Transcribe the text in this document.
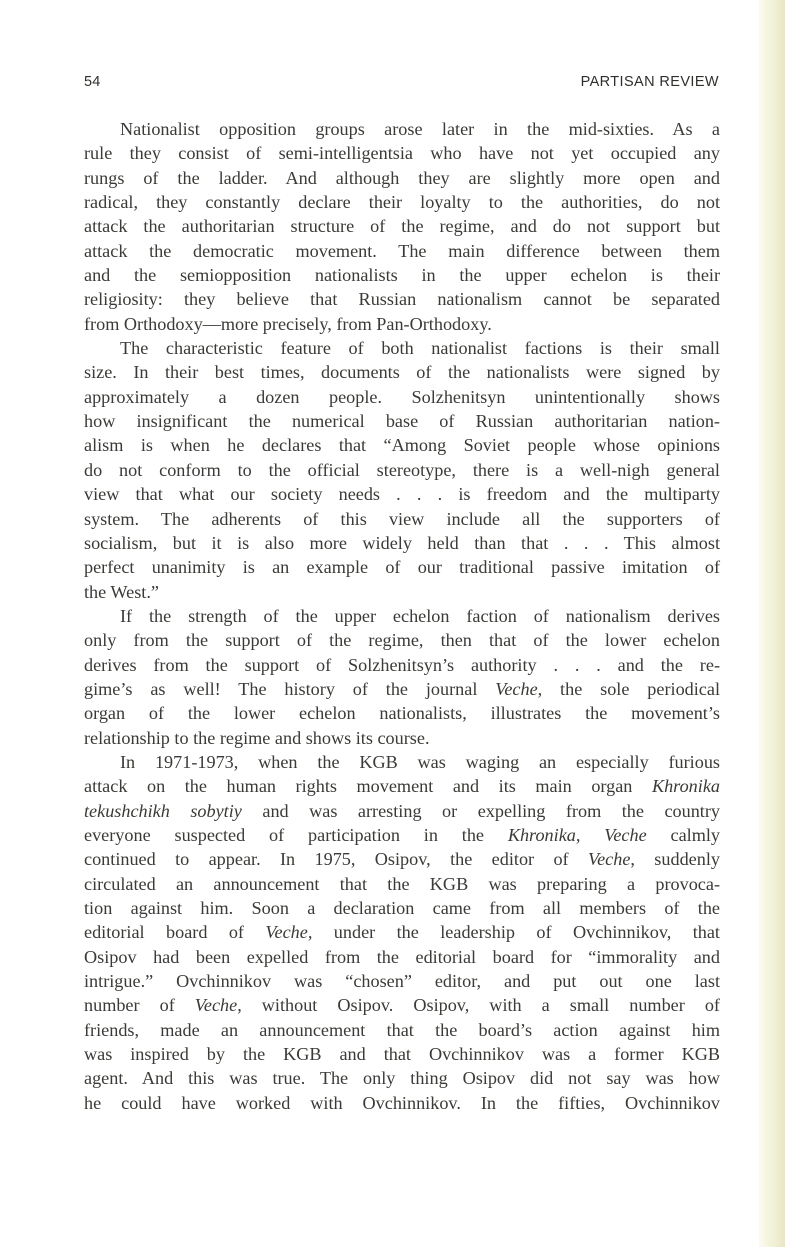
54	PARTISAN REVIEW
Nationalist opposition groups arose later in the mid-sixties. As a
rule they consist of semi-intelligentsia who have not yet occupied any
rungs of the ladder. And although they are slightly more open and
radical, they constantly declare their loyalty to the authorities, do not
attack the authoritarian structure of the regime, and do not support but
attack the democratic movement. The main difference between them
and the semiopposition nationalists in the upper echelon is their
religiosity: they believe that Russian nationalism cannot be separated
from Orthodoxy—more precisely, from Pan-Orthodoxy.
The characteristic feature of both nationalist factions is their small
size. In their best times, documents of the nationalists were signed by
approximately a dozen people. Solzhenitsyn unintentionally shows
how insignificant the numerical base of Russian authoritarian nation-
alism is when he declares that “Among Soviet people whose opinions
do not conform to the official stereotype, there is a well-nigh general
view that what our society needs . . . is freedom and the multiparty
system. The adherents of this view include all the supporters of
socialism, but it is also more widely held than that . . . This almost
perfect unanimity is an example of our traditional passive imitation of
the West.”
If the strength of the upper echelon faction of nationalism derives
only from the support of the regime, then that of the lower echelon
derives from the support of Solzhenitsyn’s authority . . . and the re-
gime’s as well! The history of the journal Veche, the sole periodical
organ of the lower echelon nationalists, illustrates the movement’s
relationship to the regime and shows its course.
In 1971-1973, when the KGB was waging an especially furious
attack on the human rights movement and its main organ Khronika
tekushchikh sobytiy and was arresting or expelling from the country
everyone suspected of participation in the Khronika, Veche calmly
continued to appear. In 1975, Osipov, the editor of Veche, suddenly
circulated an announcement that the KGB was preparing a provoca-
tion against him. Soon a declaration came from all members of the
editorial board of Veche, under the leadership of Ovchinnikov, that
Osipov had been expelled from the editorial board for “immorality and
intrigue.” Ovchinnikov was “chosen” editor, and put out one last
number of Veche, without Osipov. Osipov, with a small number of
friends, made an announcement that the board’s action against him
was inspired by the KGB and that Ovchinnikov was a former KGB
agent. And this was true. The only thing Osipov did not say was how
he could have worked with Ovchinnikov. In the fifties, Ovchinnikov
